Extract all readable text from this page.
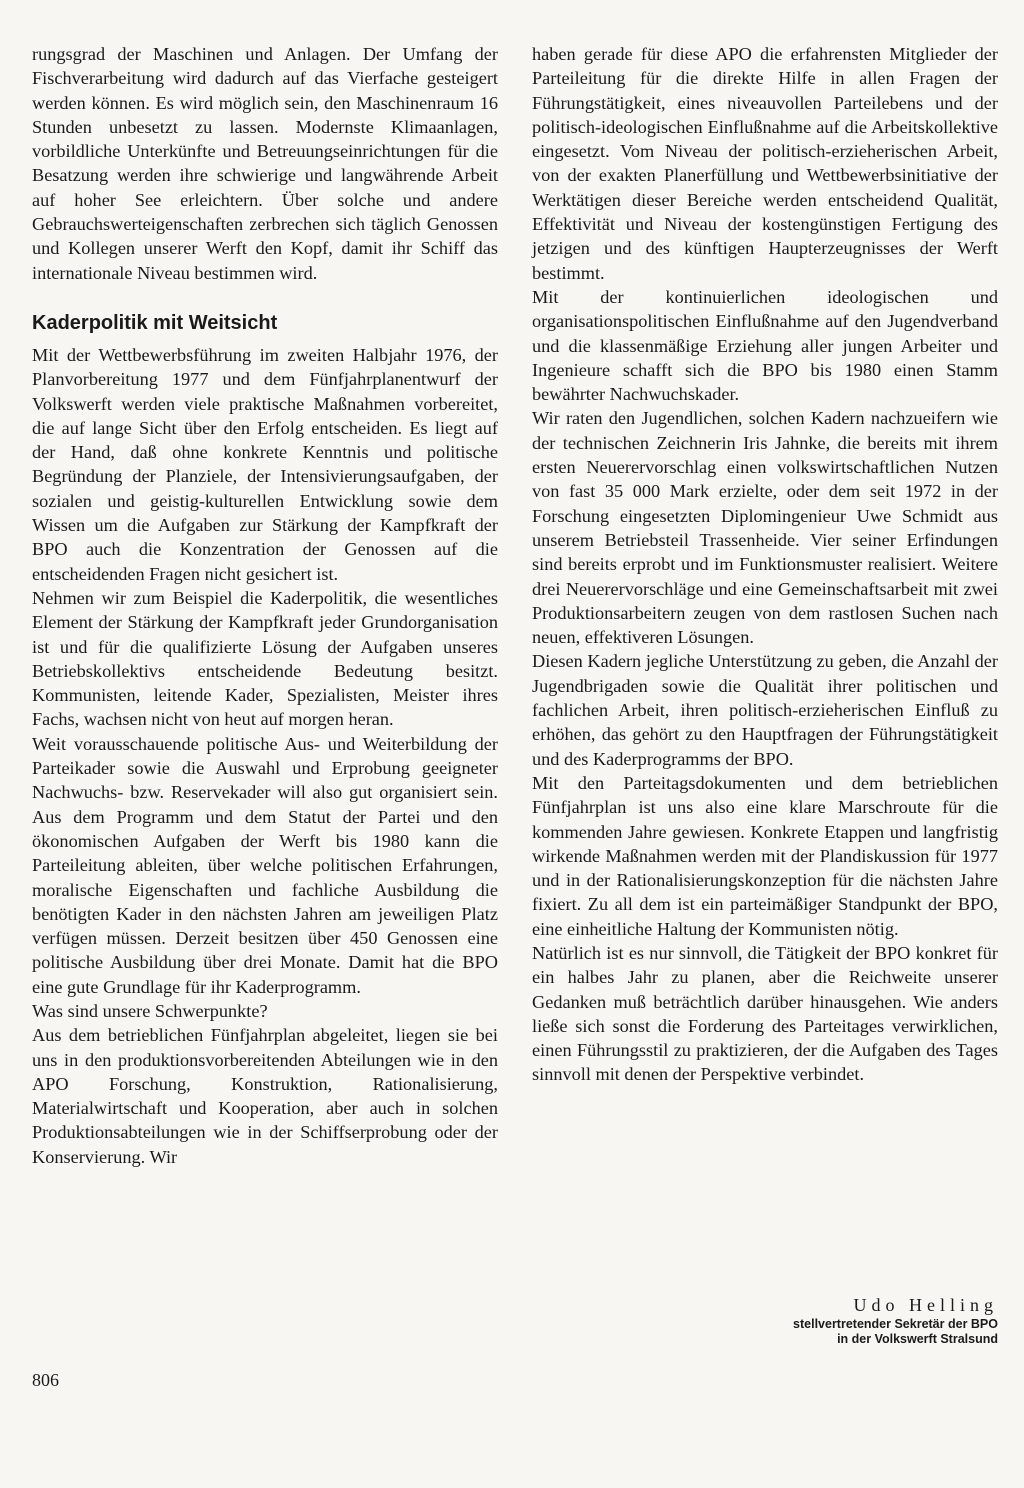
rungsgrad der Maschinen und Anlagen. Der Umfang der Fischverarbeitung wird dadurch auf das Vierfache gesteigert werden können. Es wird möglich sein, den Maschinenraum 16 Stunden unbesetzt zu lassen. Modernste Klimaanlagen, vorbildliche Unterkünfte und Betreuungseinrichtungen für die Besatzung werden ihre schwierige und langwährende Arbeit auf hoher See erleichtern. Über solche und andere Gebrauchswerteigenschaften zerbrechen sich täglich Genossen und Kollegen unserer Werft den Kopf, damit ihr Schiff das internationale Niveau bestimmen wird.

Kaderpolitik mit Weitsicht

Mit der Wettbewerbsführung im zweiten Halbjahr 1976, der Planvorbereitung 1977 und dem Fünfjahrplanentwurf der Volkswerft werden viele praktische Maßnahmen vorbereitet, die auf lange Sicht über den Erfolg entscheiden. Es liegt auf der Hand, daß ohne konkrete Kenntnis und politische Begründung der Planziele, der Intensivierungsaufgaben, der sozialen und geistig-kulturellen Entwicklung sowie dem Wissen um die Aufgaben zur Stärkung der Kampfkraft der BPO auch die Konzentration der Genossen auf die entscheidenden Fragen nicht gesichert ist.

Nehmen wir zum Beispiel die Kaderpolitik, die wesentliches Element der Stärkung der Kampfkraft jeder Grundorganisation ist und für die qualifizierte Lösung der Aufgaben unseres Betriebskollektivs entscheidende Bedeutung besitzt. Kommunisten, leitende Kader, Spezialisten, Meister ihres Fachs, wachsen nicht von heut auf morgen heran.

Weit vorausschauende politische Aus- und Weiterbildung der Parteikader sowie die Auswahl und Erprobung geeigneter Nachwuchs- bzw. Reservekader will also gut organisiert sein. Aus dem Programm und dem Statut der Partei und den ökonomischen Aufgaben der Werft bis 1980 kann die Parteileitung ableiten, über welche politischen Erfahrungen, moralische Eigenschaften und fachliche Ausbildung die benötigten Kader in den nächsten Jahren am jeweiligen Platz verfügen müssen. Derzeit besitzen über 450 Genossen eine politische Ausbildung über drei Monate. Damit hat die BPO eine gute Grundlage für ihr Kaderprogramm.

Was sind unsere Schwerpunkte?

Aus dem betrieblichen Fünfjahrplan abgeleitet, liegen sie bei uns in den produktionsvorbereitenden Abteilungen wie in den APO Forschung, Konstruktion, Rationalisierung, Materialwirtschaft und Kooperation, aber auch in solchen Produktionsabteilungen wie in der Schiffserprobung oder der Konservierung. Wir

haben gerade für diese APO die erfahrensten Mitglieder der Parteileitung für die direkte Hilfe in allen Fragen der Führungstätigkeit, eines niveauvollen Parteilebens und der politisch-ideologischen Einflußnahme auf die Arbeitskollektive eingesetzt. Vom Niveau der politisch-erzieherischen Arbeit, von der exakten Planerfüllung und Wettbewerbsinitiative der Werktätigen dieser Bereiche werden entscheidend Qualität, Effektivität und Niveau der kostengünstigen Fertigung des jetzigen und des künftigen Haupterzeugnisses der Werft bestimmt.

Mit der kontinuierlichen ideologischen und organisationspolitischen Einflußnahme auf den Jugendverband und die klassenmäßige Erziehung aller jungen Arbeiter und Ingenieure schafft sich die BPO bis 1980 einen Stamm bewährter Nachwuchskader.

Wir raten den Jugendlichen, solchen Kadern nachzueifern wie der technischen Zeichnerin Iris Jahnke, die bereits mit ihrem ersten Neuerervorschlag einen volkswirtschaftlichen Nutzen von fast 35 000 Mark erzielte, oder dem seit 1972 in der Forschung eingesetzten Diplomingenieur Uwe Schmidt aus unserem Betriebsteil Trassenheide. Vier seiner Erfindungen sind bereits erprobt und im Funktionsmuster realisiert. Weitere drei Neuerervorschläge und eine Gemeinschaftsarbeit mit zwei Produktionsarbeitern zeugen von dem rastlosen Suchen nach neuen, effektiveren Lösungen.

Diesen Kadern jegliche Unterstützung zu geben, die Anzahl der Jugendbrigaden sowie die Qualität ihrer politischen und fachlichen Arbeit, ihren politisch-erzieherischen Einfluß zu erhöhen, das gehört zu den Hauptfragen der Führungstätigkeit und des Kaderprogramms der BPO.

Mit den Parteitagsdokumenten und dem betrieblichen Fünfjahrplan ist uns also eine klare Marschroute für die kommenden Jahre gewiesen. Konkrete Etappen und langfristig wirkende Maßnahmen werden mit der Plandiskussion für 1977 und in der Rationalisierungskonzeption für die nächsten Jahre fixiert. Zu all dem ist ein parteimäßiger Standpunkt der BPO, eine einheitliche Haltung der Kommunisten nötig.

Natürlich ist es nur sinnvoll, die Tätigkeit der BPO konkret für ein halbes Jahr zu planen, aber die Reichweite unserer Gedanken muß beträchtlich darüber hinausgehen. Wie anders ließe sich sonst die Forderung des Parteitages verwirklichen, einen Führungsstil zu praktizieren, der die Aufgaben des Tages sinnvoll mit denen der Perspektive verbindet.

Udo Helling
stellvertretender Sekretär der BPO
in der Volkswerft Stralsund
806
